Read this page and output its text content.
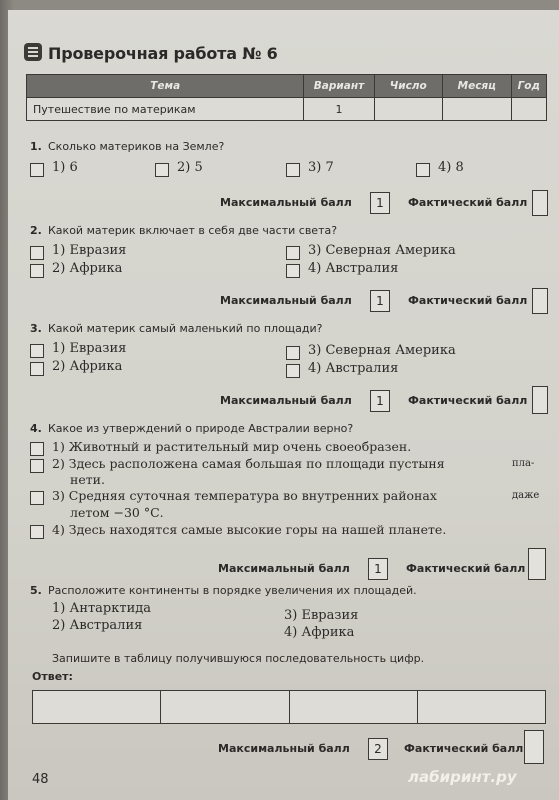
Проверочная работа № 6
Тема	Вариант	Число	Месяц	Год
Путешествие по материкам	1			
1. Сколько материков на Земле?
1) 6	2) 5	3) 7	4) 8
Максимальный балл	1	Фактический балл
2. Какой материк включает в себя две части света?
1) Евразия
2) Африка
3) Северная Америка
4) Австралия
Максимальный балл	1	Фактический балл
3. Какой материк самый маленький по площади?
1) Евразия
2) Африка
3) Северная Америка
4) Австралия
Максимальный балл	1	Фактический балл
4. Какое из утверждений о природе Австралии верно?
1) Животный и растительный мир очень своеобразен.
2) Здесь расположена самая большая по площади пустыня	пла-
нети.
3) Средняя суточная температура во внутренних районах	даже
летом −30 °С.
4) Здесь находятся самые высокие горы на нашей планете.
Максимальный балл	1	Фактический балл
5. Расположите континенты в порядке увеличения их площадей.
1) Антарктида
2) Австралия
3) Евразия
4) Африка
Запишите в таблицу получившуюся последовательность цифр.
Ответ:

Максимальный балл	2	Фактический балл
48	лабиринт.ру
